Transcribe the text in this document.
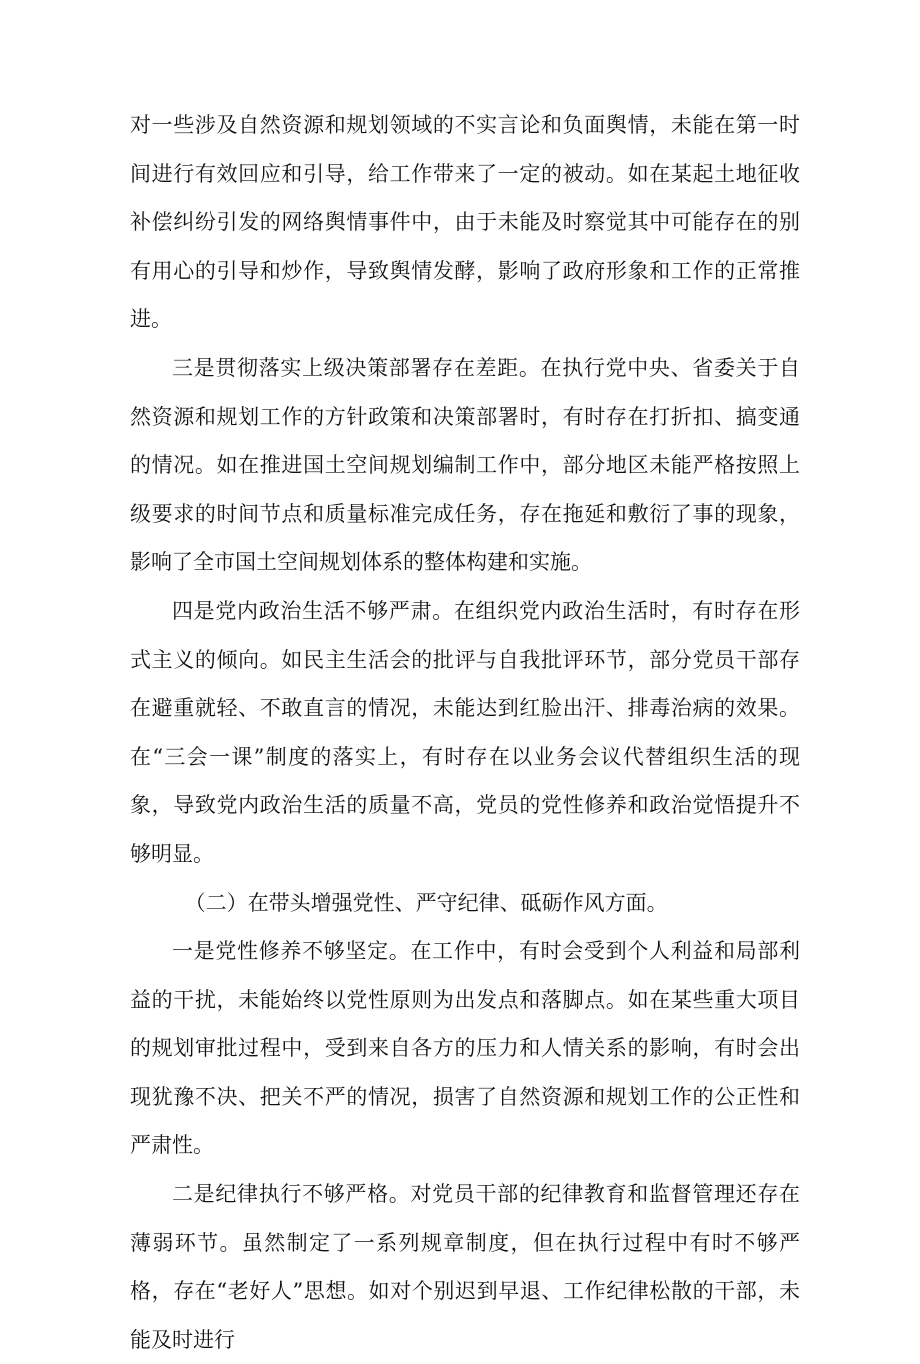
对一些涉及自然资源和规划领域的不实言论和负面舆情，未能在第一时间进行有效回应和引导，给工作带来了一定的被动。如在某起土地征收补偿纠纷引发的网络舆情事件中，由于未能及时察觉其中可能存在的别有用心的引导和炒作，导致舆情发酵，影响了政府形象和工作的正常推进。

三是贯彻落实上级决策部署存在差距。在执行党中央、省委关于自然资源和规划工作的方针政策和决策部署时，有时存在打折扣、搞变通的情况。如在推进国土空间规划编制工作中，部分地区未能严格按照上级要求的时间节点和质量标准完成任务，存在拖延和敷衍了事的现象，影响了全市国土空间规划体系的整体构建和实施。

四是党内政治生活不够严肃。在组织党内政治生活时，有时存在形式主义的倾向。如民主生活会的批评与自我批评环节，部分党员干部存在避重就轻、不敢直言的情况，未能达到红脸出汗、排毒治病的效果。在“三会一课”制度的落实上，有时存在以业务会议代替组织生活的现象，导致党内政治生活的质量不高，党员的党性修养和政治觉悟提升不够明显。

（二）在带头增强党性、严守纪律、砥砺作风方面。

一是党性修养不够坚定。在工作中，有时会受到个人利益和局部利益的干扰，未能始终以党性原则为出发点和落脚点。如在某些重大项目的规划审批过程中，受到来自各方的压力和人情关系的影响，有时会出现犹豫不决、把关不严的情况，损害了自然资源和规划工作的公正性和严肃性。

二是纪律执行不够严格。对党员干部的纪律教育和监督管理还存在薄弱环节。虽然制定了一系列规章制度，但在执行过程中有时不够严格，存在“老好人”思想。如对个别迟到早退、工作纪律松散的干部，未能及时进行
